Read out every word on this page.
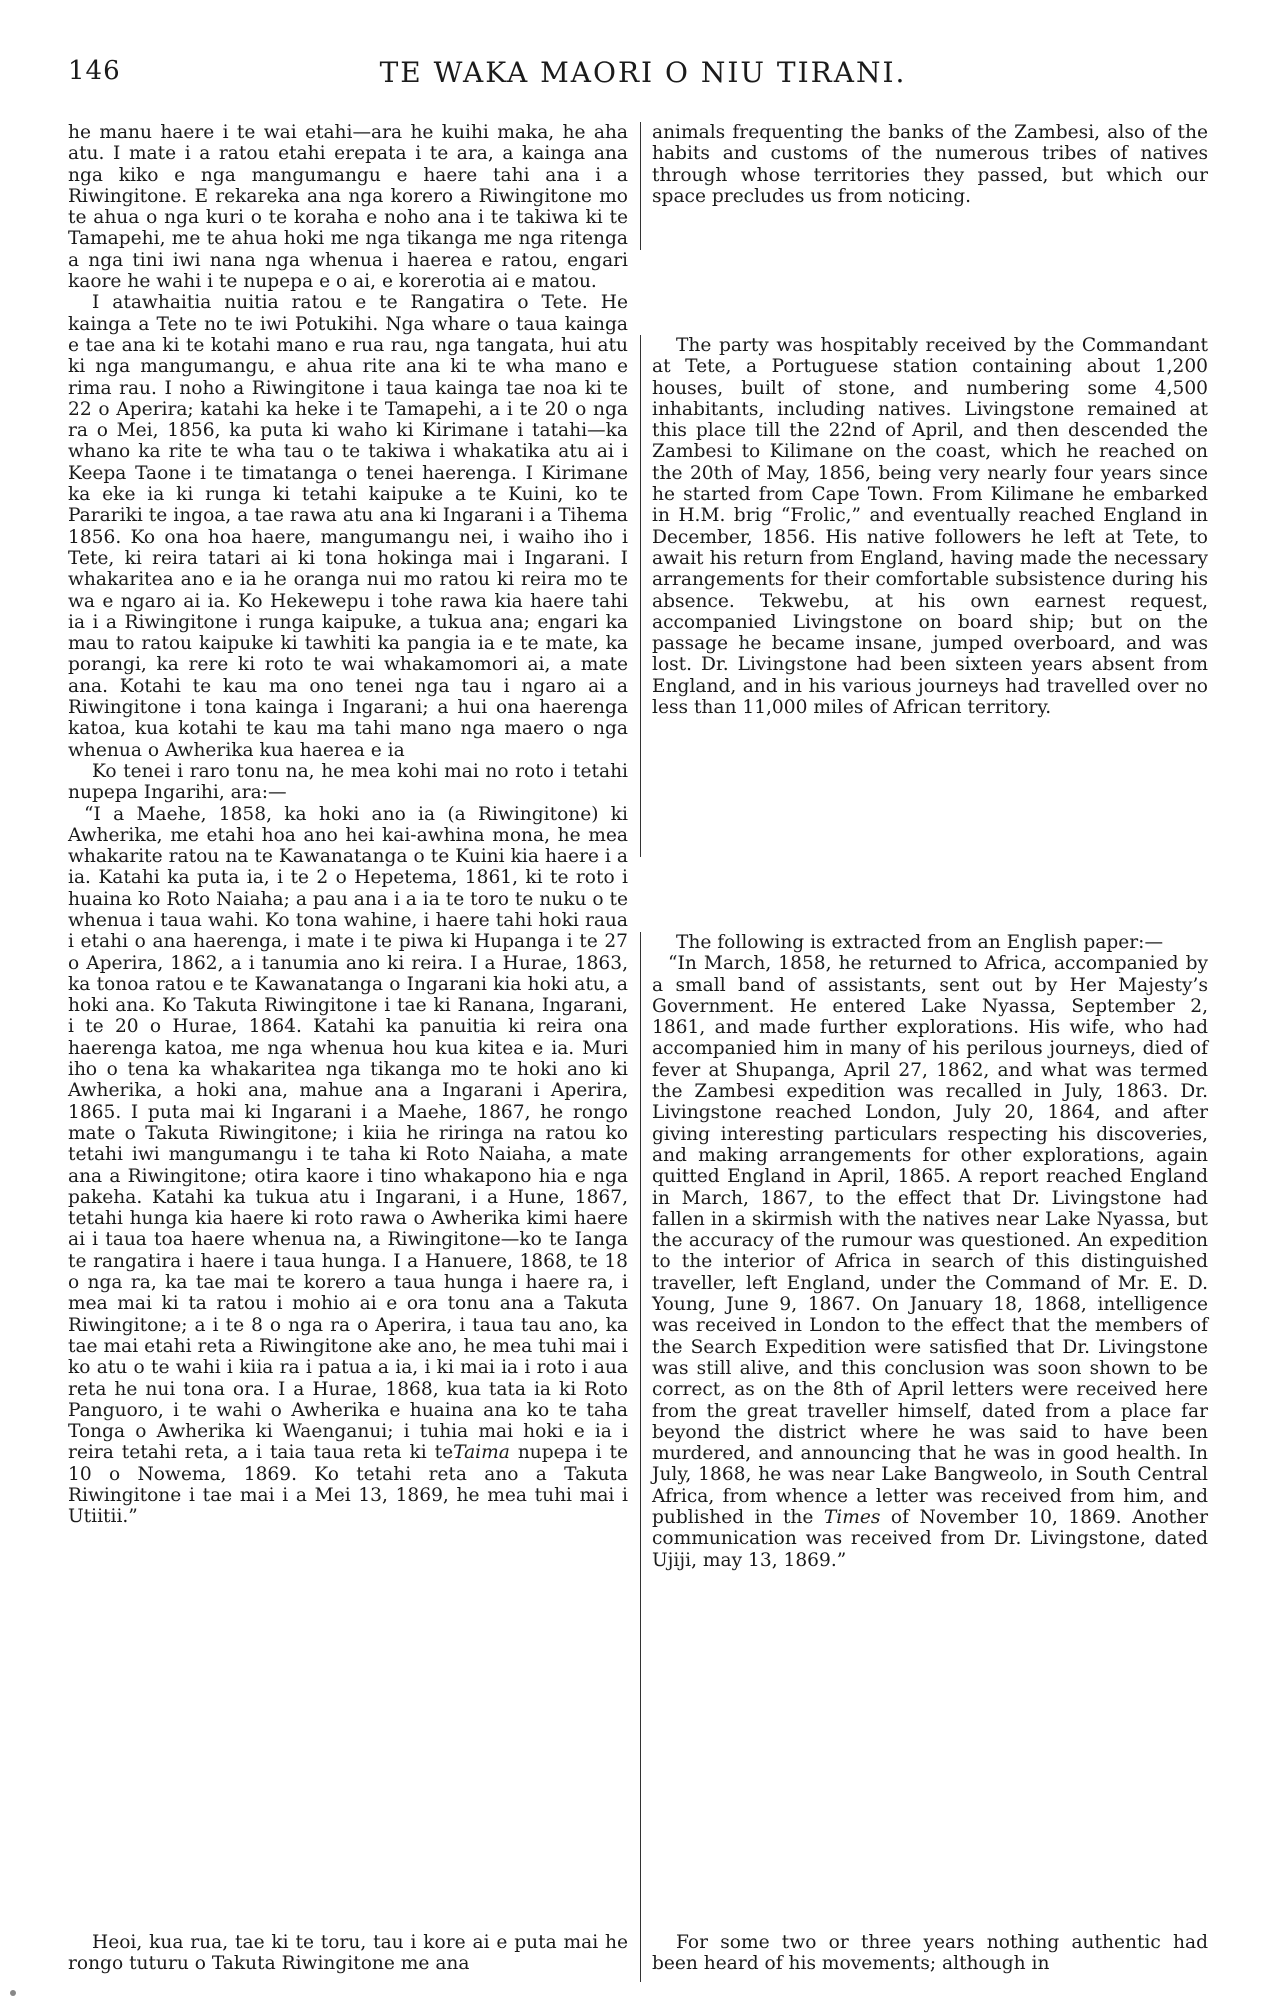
146	TE WAKA MAORI O NIU TIRANI.

he manu haere i te wai etahi—ara he kuihi maka, he aha atu. I mate i a ratou etahi erepata i te ara, a kainga ana nga kiko e nga mangumangu e haere tahi ana i a Riwingitone. E rekareka ana nga korero a Riwingitone mo te ahua o nga kuri o te koraha e noho ana i te takiwa ki te Tamapehi, me te ahua hoki me nga tikanga me nga ritenga a nga tini iwi nana nga whenua i haerea e ratou, engari kaore he wahi i te nupepa e o ai, e korerotia ai e matou.

I atawhaitia nuitia ratou e te Rangatira o Tete. He kainga a Tete no te iwi Potukihi. Nga whare o taua kainga e tae ana ki te kotahi mano e rua rau, nga tangata, hui atu ki nga mangumangu, e ahua rite ana ki te wha mano e rima rau. I noho a Riwingitone i taua kainga tae noa ki te 22 o Aperira; katahi ka heke i te Tamapehi, a i te 20 o nga ra o Mei, 1856, ka puta ki waho ki Kirimane i tatahi—ka whano ka rite te wha tau o te takiwa i whakatika atu ai i Keepa Taone i te timatanga o tenei haerenga. I Kirimane ka eke ia ki runga ki tetahi kaipuke a te Kuini, ko te Parariki te ingoa, a tae rawa atu ana ki Ingarani i a Tihema 1856. Ko ona hoa haere, mangumangu nei, i waiho iho i Tete, ki reira tatari ai ki tona hokinga mai i Ingarani. I whakaritea ano e ia he oranga nui mo ratou ki reira mo te wa e ngaro ai ia. Ko Hekewepu i tohe rawa kia haere tahi ia i a Riwingitone i runga kaipuke, a tukua ana; engari ka mau to ratou kaipuke ki tawhiti ka pangia ia e te mate, ka porangi, ka rere ki roto te wai whakamomori ai, a mate ana. Kotahi te kau ma ono tenei nga tau i ngaro ai a Riwingitone i tona kainga i Ingarani; a hui ona haerenga katoa, kua kotahi te kau ma tahi mano nga maero o nga whenua o Awherika kua haerea e ia

Ko tenei i raro tonu na, he mea kohi mai no roto i tetahi nupepa Ingarihi, ara:—

“I a Maehe, 1858, ka hoki ano ia (a Riwingitone) ki Awherika, me etahi hoa ano hei kai-awhina mona, he mea whakarite ratou na te Kawanatanga o te Kuini kia haere i a ia. Katahi ka puta ia, i te 2 o Hepetema, 1861, ki te roto i huaina ko Roto Naiaha; a pau ana i a ia te toro te nuku o te whenua i taua wahi. Ko tona wahine, i haere tahi hoki raua i etahi o ana haerenga, i mate i te piwa ki Hupanga i te 27 o Aperira, 1862, a i tanumia ano ki reira. I a Hurae, 1863, ka tonoa ratou e te Kawanatanga o Ingarani kia hoki atu, a hoki ana. Ko Takuta Riwingitone i tae ki Ranana, Ingarani, i te 20 o Hurae, 1864. Katahi ka panuitia ki reira ona haerenga katoa, me nga whenua hou kua kitea e ia. Muri iho o tena ka whakaritea nga tikanga mo te hoki ano ki Awherika, a hoki ana, mahue ana a Ingarani i Aperira, 1865. I puta mai ki Ingarani i a Maehe, 1867, he rongo mate o Takuta Riwingitone; i kiia he riringa na ratou ko tetahi iwi mangumangu i te taha ki Roto Naiaha, a mate ana a Riwingitone; otira kaore i tino whakapono hia e nga pakeha. Katahi ka tukua atu i Ingarani, i a Hune, 1867, tetahi hunga kia haere ki roto rawa o Awherika kimi haere ai i taua toa haere whenua na, a Riwingitone—ko te Ianga te rangatira i haere i taua hunga. I a Hanuere, 1868, te 18 o nga ra, ka tae mai te korero a taua hunga i haere ra, i mea mai ki ta ratou i mohio ai e ora tonu ana a Takuta Riwingitone; a i te 8 o nga ra o Aperira, i taua tau ano, ka tae mai etahi reta a Riwingitone ake ano, he mea tuhi mai i ko atu o te wahi i kiia ra i patua a ia, i ki mai ia i roto i aua reta he nui tona ora. I a Hurae, 1868, kua tata ia ki Roto Panguoro, i te wahi o Awherika e huaina ana ko te taha Tonga o Awherika ki Waenganui; i tuhia mai hoki e ia i reira tetahi reta, a i taia taua reta ki teTaima nupepa i te 10 o Nowema, 1869. Ko tetahi reta ano a Takuta Riwingitone i tae mai i a Mei 13, 1869, he mea tuhi mai i Utiitii.”

Heoi, kua rua, tae ki te toru, tau i kore ai e puta mai he rongo tuturu o Takuta Riwingitone me ana

animals frequenting the banks of the Zambesi, also of the habits and customs of the numerous tribes of natives through whose territories they passed, but which our space precludes us from noticing.

The party was hospitably received by the Commandant at Tete, a Portuguese station containing about 1,200 houses, built of stone, and numbering some 4,500 inhabitants, including natives. Livingstone remained at this place till the 22nd of April, and then descended the Zambesi to Kilimane on the coast, which he reached on the 20th of May, 1856, being very nearly four years since he started from Cape Town. From Kilimane he embarked in H.M. brig “Frolic,” and eventually reached England in December, 1856. His native followers he left at Tete, to await his return from England, having made the necessary arrangements for their comfortable subsistence during his absence. Tekwebu, at his own earnest request, accompanied Livingstone on board ship; but on the passage he became insane, jumped overboard, and was lost. Dr. Livingstone had been sixteen years absent from England, and in his various journeys had travelled over no less than 11,000 miles of African territory.

The following is extracted from an English paper:—

“In March, 1858, he returned to Africa, accompanied by a small band of assistants, sent out by Her Majesty’s Government. He entered Lake Nyassa, September 2, 1861, and made further explorations. His wife, who had accompanied him in many of his perilous journeys, died of fever at Shupanga, April 27, 1862, and what was termed the Zambesi expedition was recalled in July, 1863. Dr. Livingstone reached London, July 20, 1864, and after giving interesting particulars respecting his discoveries, and making arrangements for other explorations, again quitted England in April, 1865. A report reached England in March, 1867, to the effect that Dr. Livingstone had fallen in a skirmish with the natives near Lake Nyassa, but the accuracy of the rumour was questioned. An expedition to the interior of Africa in search of this distinguished traveller, left England, under the Command of Mr. E. D. Young, June 9, 1867. On January 18, 1868, intelligence was received in London to the effect that the members of the Search Expedition were satisfied that Dr. Livingstone was still alive, and this conclusion was soon shown to be correct, as on the 8th of April letters were received here from the great traveller himself, dated from a place far beyond the district where he was said to have been murdered, and announcing that he was in good health. In July, 1868, he was near Lake Bangweolo, in South Central Africa, from whence a letter was received from him, and published in the Times of November 10, 1869. Another communication was received from Dr. Livingstone, dated Ujiji, may 13, 1869.”

For some two or three years nothing authentic had been heard of his movements; although in
